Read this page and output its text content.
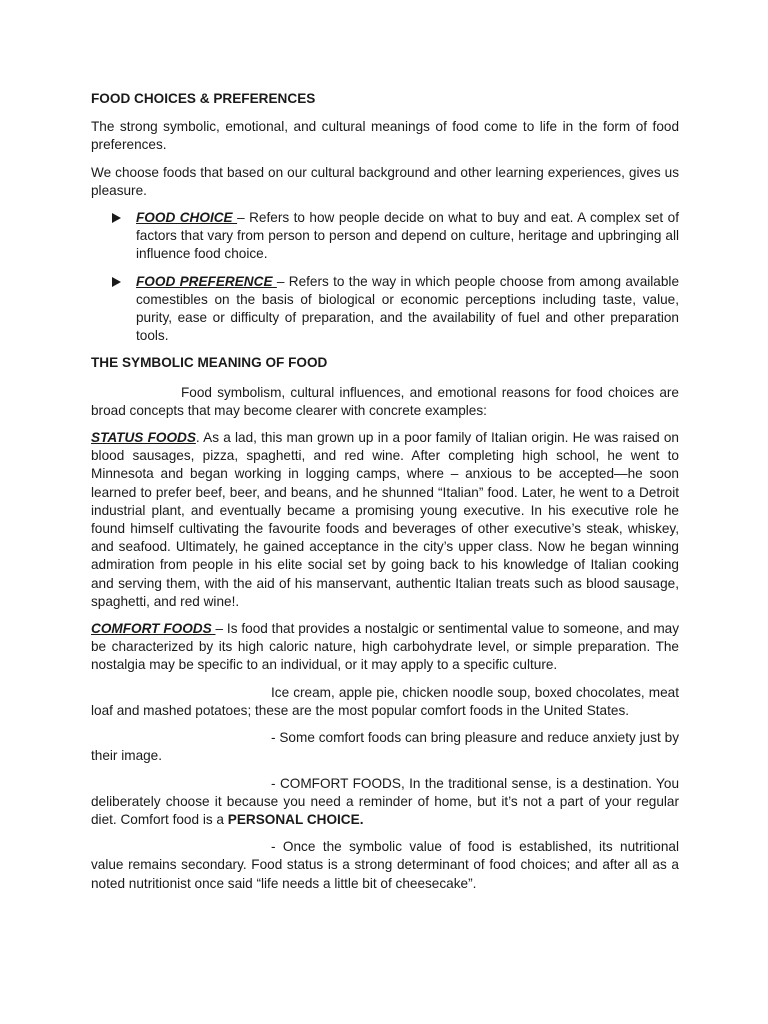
FOOD CHOICES & PREFERENCES

The strong symbolic, emotional, and cultural meanings of food come to life in the form of food preferences.

We choose foods that based on our cultural background and other learning experiences, gives us pleasure.

FOOD CHOICE – Refers to how people decide on what to buy and eat. A complex set of factors that vary from person to person and depend on culture, heritage and upbringing all influence food choice.
FOOD PREFERENCE – Refers to the way in which people choose from among available comestibles on the basis of biological or economic perceptions including taste, value, purity, ease or difficulty of preparation, and the availability of fuel and other preparation tools.
THE SYMBOLIC MEANING OF FOOD

Food symbolism, cultural influences, and emotional reasons for food choices are broad concepts that may become clearer with concrete examples:

STATUS FOODS. As a lad, this man grown up in a poor family of Italian origin. He was raised on blood sausages, pizza, spaghetti, and red wine. After completing high school, he went to Minnesota and began working in logging camps, where – anxious to be accepted—he soon learned to prefer beef, beer, and beans, and he shunned “Italian” food. Later, he went to a Detroit industrial plant, and eventually became a promising young executive. In his executive role he found himself cultivating the favourite foods and beverages of other executive’s steak, whiskey, and seafood. Ultimately, he gained acceptance in the city’s upper class. Now he began winning admiration from people in his elite social set by going back to his knowledge of Italian cooking and serving them, with the aid of his manservant, authentic Italian treats such as blood sausage, spaghetti, and red wine!.

COMFORT FOODS – Is food that provides a nostalgic or sentimental value to someone, and may be characterized by its high caloric nature, high carbohydrate level, or simple preparation. The nostalgia may be specific to an individual, or it may apply to a specific culture.

Ice cream, apple pie, chicken noodle soup, boxed chocolates, meat loaf and mashed potatoes; these are the most popular comfort foods in the United States.

- Some comfort foods can bring pleasure and reduce anxiety just by their image.

- COMFORT FOODS, In the traditional sense, is a destination. You deliberately choose it because you need a reminder of home, but it’s not a part of your regular diet. Comfort food is a PERSONAL CHOICE.

- Once the symbolic value of food is established, its nutritional value remains secondary. Food status is a strong determinant of food choices; and after all as a noted nutritionist once said “life needs a little bit of cheesecake”.
